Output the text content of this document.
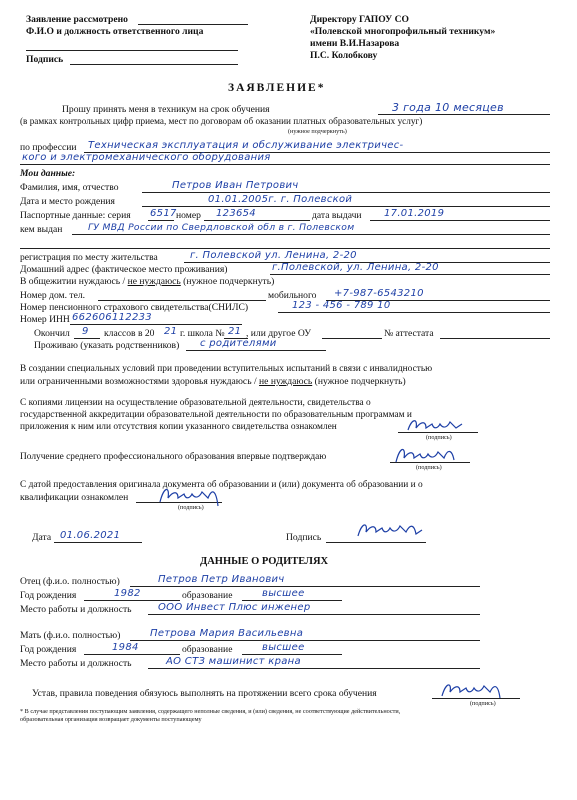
Заявление рассмотрено
Ф.И.О и должность ответственного лица
Подпись
Директору ГАПОУ СО
«Полевской многопрофильный техникум»
имени В.И.Назарова
П.С. Колобкову
ЗАЯВЛЕНИЕ*
Прошу принять меня в техникум на срок обучения	3 года 10 месяцев
(в рамках контрольных цифр приема, мест по договорам об оказании платных образовательных услуг)
(нужное подчеркнуть)
по профессии Техническая эксплуатация и обслуживание электричес-
кого и электромеханического оборудования
Мои данные:
Фамилия, имя, отчество	Петров Иван Петрович
Дата и место рождения	01.01.2005г. г. Полевской
Паспортные данные: серия 6517 номер 123654	дата выдачи 17.01.2019
кем выдан	ГУ МВД России по Свердловской обл в г. Полевском
регистрация по месту жительства	г. Полевской ул. Ленина, 2-20
Домашний адрес (фактическое место проживания)	г.Полевской, ул. Ленина, 2-20
В общежитии нуждаюсь / не нуждаюсь (нужное подчеркнуть)
Номер дом. тел.	мобильного +7-987-6543210
Номер пенсионного страхового свидетельства(СНИЛС)	123 - 456 - 789 10
Номер ИНН 662606112233
Окончил 9 классов в 20 21 г. школа № 21 , или другое ОУ	№ аттестата
Проживаю (указать родственников) с родителями
В создании специальных условий при проведении вступительных испытаний в связи с инвалидностью
или ограниченными возможностями здоровья нуждаюсь / не нуждаюсь (нужное подчеркнуть)
С копиями лицензии на осуществление образовательной деятельности, свидетельства о
государственной аккредитации образовательной деятельности по образовательным программам и
приложения к ним или отсутствия копии указанного свидетельства ознакомлен
(подпись)
Получение среднего профессионального образования впервые подтверждаю
(подпись)
С датой предоставления оригинала документа об образовании и (или) документа об образовании и о
квалификации ознакомлен
(подпись)
Дата 01.06.2021	Подпись
ДАННЫЕ О РОДИТЕЛЯХ
Отец (ф.и.о. полностью)	Петров Петр Иванович
Год рождения	1982	образование	высшее
Место работы и должность	ООО Инвест Плюс инженер
Мать (ф.и.о. полностью)	Петрова Мария Васильевна
Год рождения	1984	образование	высшее
Место работы и должность	АО СТЗ машинист крана
Устав, правила поведения обязуюсь выполнять на протяжении всего срока обучения
(подпись)
* В случае представления поступающим заявления, содержащего неполные сведения, и (или) сведения, не соответствующие действительности,
образовательная организация возвращает документы поступающему
